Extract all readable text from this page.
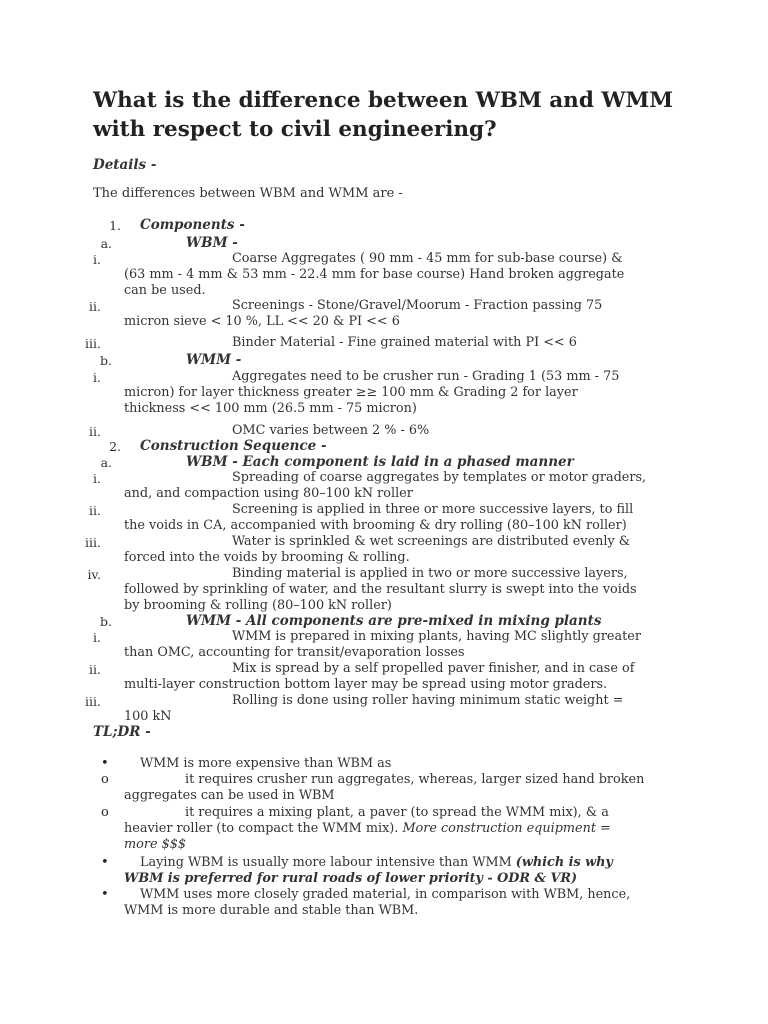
What is the difference between WBM and WMM with respect to civil engineering?
Details -
The differences between WBM and WMM are -
1. Components -
a.	WBM -
i.	Coarse Aggregates ( 90 mm - 45 mm for sub-base course) &
(63 mm - 4 mm & 53 mm - 22.4 mm for base course) Hand broken aggregate
can be used.
ii.	Screenings - Stone/Gravel/Moorum - Fraction passing 75
micron sieve < 10 %, LL << 20 & PI << 6
iii.	Binder Material - Fine grained material with PI << 6
b.	WMM -
i.	Aggregates need to be crusher run - Grading 1 (53 mm - 75
micron) for layer thickness greater ≥≥ 100 mm & Grading 2 for layer
thickness << 100 mm (26.5 mm - 75 micron)
ii.	OMC varies between 2 % - 6%
2. Construction Sequence -
a.	WBM - Each component is laid in a phased manner
i.	Spreading of coarse aggregates by templates or motor graders,
and, and compaction using 80–100 kN roller
ii.	Screening is applied in three or more successive layers, to fill
the voids in CA, accompanied with brooming & dry rolling (80–100 kN roller)
iii.	Water is sprinkled & wet screenings are distributed evenly &
forced into the voids by brooming & rolling.
iv.	Binding material is applied in two or more successive layers,
followed by sprinkling of water, and the resultant slurry is swept into the voids
by brooming & rolling (80–100 kN roller)
b.	WMM - All components are pre-mixed in mixing plants
i.	WMM is prepared in mixing plants, having MC slightly greater
than OMC, accounting for transit/evaporation losses
ii.	Mix is spread by a self propelled paver finisher, and in case of
multi-layer construction bottom layer may be spread using motor graders.
iii.	Rolling is done using roller having minimum static weight =
100 kN
TL;DR -
• WMM is more expensive than WBM as
o	it requires crusher run aggregates, whereas, larger sized hand broken
aggregates can be used in WBM
o	it requires a mixing plant, a paver (to spread the WMM mix), & a
heavier roller (to compact the WMM mix). More construction equipment =
more $$$
• Laying WBM is usually more labour intensive than WMM (which is why
WBM is preferred for rural roads of lower priority - ODR & VR)
• WMM uses more closely graded material, in comparison with WBM, hence,
WMM is more durable and stable than WBM.
